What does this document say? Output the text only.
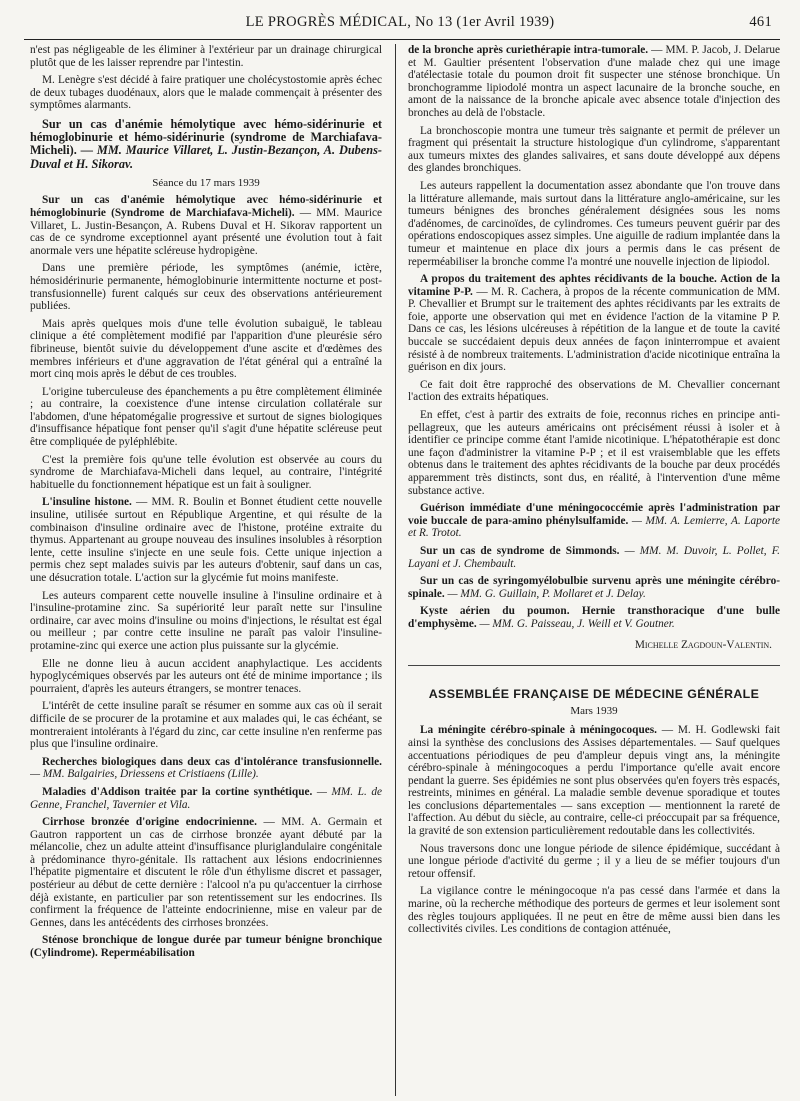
LE PROGRÈS MÉDICAL, No 13 (1er Avril 1939)	461

n'est pas négligeable de les éliminer à l'extérieur par un drainage chirurgical plutôt que de les laisser reprendre par l'intestin.

M. Lenègre s'est décidé à faire pratiquer une cholécystostomie après échec de deux tubages duodénaux, alors que le malade commençait à présenter des symptômes alarmants.

Sur un cas d'anémie hémolytique avec hémo-sidérinurie et hémoglobinurie et hémo-sidérinurie (syndrome de Marchiafava-Micheli). — MM. Maurice Villaret, L. Justin-Bezançon, A. Dubens-Duval et H. Sikorav.
Séance du 17 mars 1939

Sur un cas d'anémie hémolytique avec hémo-sidérinurie et hémoglobinurie (Syndrome de Marchiafava-Micheli). — MM. Maurice Villaret, L. Justin-Besançon, A. Rubens Duval et H. Sikorav rapportent un cas de ce syndrome exceptionnel ayant présenté une évolution tout à fait anormale vers une hépatite scléreuse hydropigène.

Dans une première période, les symptômes (anémie, ictère, hémosidérinurie permanente, hémoglobinurie intermittente nocturne et post-transfusionnelle) furent calqués sur ceux des observations antérieurement publiées.

Mais après quelques mois d'une telle évolution subaiguë, le tableau clinique a été complètement modifié par l'apparition d'une pleurésie séro fibrineuse, bientôt suivie du développement d'une ascite et d'œdèmes des membres inférieurs et d'une aggravation de l'état général qui a entraîné la mort cinq mois après le début de ces troubles.

L'origine tuberculeuse des épanchements a pu être complètement éliminée ; au contraire, la coexistence d'une intense circulation collatérale sur l'abdomen, d'une hépatomégalie progressive et surtout de signes biologiques d'insuffisance hépatique font penser qu'il s'agit d'une hépatite scléreuse peut être compliquée de pyléphlébite.

C'est la première fois qu'une telle évolution est observée au cours du syndrome de Marchiafava-Micheli dans lequel, au contraire, l'intégrité habituelle du fonctionnement hépatique est un fait à souligner.

L'insuline histone. — MM. R. Boulin et Bonnet étudient cette nouvelle insuline, utilisée surtout en République Argentine, et qui résulte de la combinaison d'insuline ordinaire avec de l'histone, protéine extraite du thymus. Appartenant au groupe nouveau des insulines insolubles à résorption lente, cette insuline s'injecte en une seule fois. Cette unique injection a permis chez sept malades suivis par les auteurs d'obtenir, sauf dans un cas, une désucration totale. L'action sur la glycémie fut moins manifeste.

Les auteurs comparent cette nouvelle insuline à l'insuline ordinaire et à l'insuline-protamine zinc. Sa supériorité leur paraît nette sur l'insuline ordinaire, car avec moins d'insuline ou moins d'injections, le résultat est égal ou meilleur ; par contre cette insuline ne paraît pas valoir l'insuline-protamine-zinc qui exerce une action plus puissante sur la glycémie.

Elle ne donne lieu à aucun accident anaphylactique. Les accidents hypoglycémiques observés par les auteurs ont été de minime importance ; ils pourraient, d'après les auteurs étrangers, se montrer tenaces.

L'intérêt de cette insuline paraît se résumer en somme aux cas où il serait difficile de se procurer de la protamine et aux malades qui, le cas échéant, se montreraient intolérants à l'égard du zinc, car cette insuline n'en renferme pas plus que l'insuline ordinaire.

Recherches biologiques dans deux cas d'intolérance transfusionnelle. — MM. Balgairies, Driessens et Cristiaens (Lille).

Maladies d'Addison traitée par la cortine synthétique. — MM. L. de Genne, Franchel, Tavernier et Vila.

Cirrhose bronzée d'origine endocrinienne. — MM. A. Germain et Gautron rapportent un cas de cirrhose bronzée ayant débuté par la mélancolie, chez un adulte atteint d'insuffisance pluriglandulaire congénitale à prédominance thyro-génitale. Ils rattachent aux lésions endocriniennes l'hépatite pigmentaire et discutent le rôle d'un éthylisme discret et passager, postérieur au début de cette dernière : l'alcool n'a pu qu'accentuer la cirrhose déjà existante, en particulier par son retentissement sur les endocrines. Ils confirment la fréquence de l'atteinte endocrinienne, mise en valeur par de Gennes, dans les antécédents des cirrhoses bronzées.

Sténose bronchique de longue durée par tumeur bénigne bronchique (Cylindrome). Reperméabilisation

de la bronche après curiethérapie intra-tumorale. — MM. P. Jacob, J. Delarue et M. Gaultier présentent l'observation d'une malade chez qui une image d'atélectasie totale du poumon droit fit suspecter une sténose bronchique. Un bronchogramme lipiodolé montra un aspect lacunaire de la bronche souche, en amont de la naissance de la bronche apicale avec absence totale d'injection des bronches au delà de l'obstacle.

La bronchoscopie montra une tumeur très saignante et permit de prélever un fragment qui présentait la structure histologique d'un cylindrome, s'apparentant aux tumeurs mixtes des glandes salivaires, et sans doute développé aux dépens des glandes bronchiques.

Les auteurs rappellent la documentation assez abondante que l'on trouve dans la littérature allemande, mais surtout dans la littérature anglo-américaine, sur les tumeurs bénignes des bronches généralement désignées sous les noms d'adénomes, de carcinoïdes, de cylindromes. Ces tumeurs peuvent guérir par des opérations endoscopiques assez simples. Une aiguille de radium implantée dans la tumeur et maintenue en place dix jours a permis dans le cas présent de reperméabiliser la bronche comme l'a montré une nouvelle injection de lipiodol.

A propos du traitement des aphtes récidivants de la bouche. Action de la vitamine P-P. — M. R. Cachera, à propos de la récente communication de MM. P. Chevallier et Brumpt sur le traitement des aphtes récidivants par les extraits de foie, apporte une observation qui met en évidence l'action de la vitamine P P. Dans ce cas, les lésions ulcéreuses à répétition de la langue et de toute la cavité buccale se succédaient depuis deux années de façon ininterrompue et avaient résisté à de nombreux traitements. L'administration d'acide nicotinique entraîna la guérison en dix jours.

Ce fait doit être rapproché des observations de M. Chevallier concernant l'action des extraits hépatiques.

En effet, c'est à partir des extraits de foie, reconnus riches en principe anti-pellagreux, que les auteurs américains ont précisément réussi à isoler et à identifier ce principe comme étant l'amide nicotinique. L'hépatothérapie est donc une façon d'administrer la vitamine P-P ; et il est vraisemblable que les effets obtenus dans le traitement des aphtes récidivants de la bouche par deux procédés apparemment très distincts, sont dus, en réalité, à l'intervention d'une même substance active.

Guérison immédiate d'une méningococcémie après l'administration par voie buccale de para-amino phénylsulfamide. — MM. A. Lemierre, A. Laporte et R. Trotot.

Sur un cas de syndrome de Simmonds. — MM. M. Duvoir, L. Pollet, F. Layani et J. Chembault.

Sur un cas de syringomyélobulbie survenu après une méningite cérébro-spinale. — MM. G. Guillain, P. Mollaret et J. Delay.

Kyste aérien du poumon. Hernie transthoracique d'une bulle d'emphysème. — MM. G. Paisseau, J. Weill et V. Goutner.

Michelle Zagdoun-Valentin.
ASSEMBLÉE FRANÇAISE DE MÉDECINE GÉNÉRALE
Mars 1939

La méningite cérébro-spinale à méningocoques. — M. H. Godlewski fait ainsi la synthèse des conclusions des Assises départementales. — Sauf quelques accentuations périodiques de peu d'ampleur depuis vingt ans, la méningite cérébro-spinale à méningocoques a perdu l'importance qu'elle avait encore pendant la guerre. Ses épidémies ne sont plus observées qu'en foyers très espacés, restreints, minimes en général. La maladie semble devenue sporadique et toutes les conclusions départementales — sans exception — mentionnent la rareté de l'affection. Au début du siècle, au contraire, celle-ci préoccupait par sa fréquence, la gravité de son extension particulièrement redoutable dans les collectivités.

Nous traversons donc une longue période de silence épidémique, succédant à une longue période d'activité du germe ; il y a lieu de se méfier toujours d'un retour offensif.

La vigilance contre le méningocoque n'a pas cessé dans l'armée et dans la marine, où la recherche méthodique des porteurs de germes et leur isolement sont des règles toujours appliquées. Il ne peut en être de même aussi bien dans les collectivités civiles. Les conditions de contagion atténuée,
